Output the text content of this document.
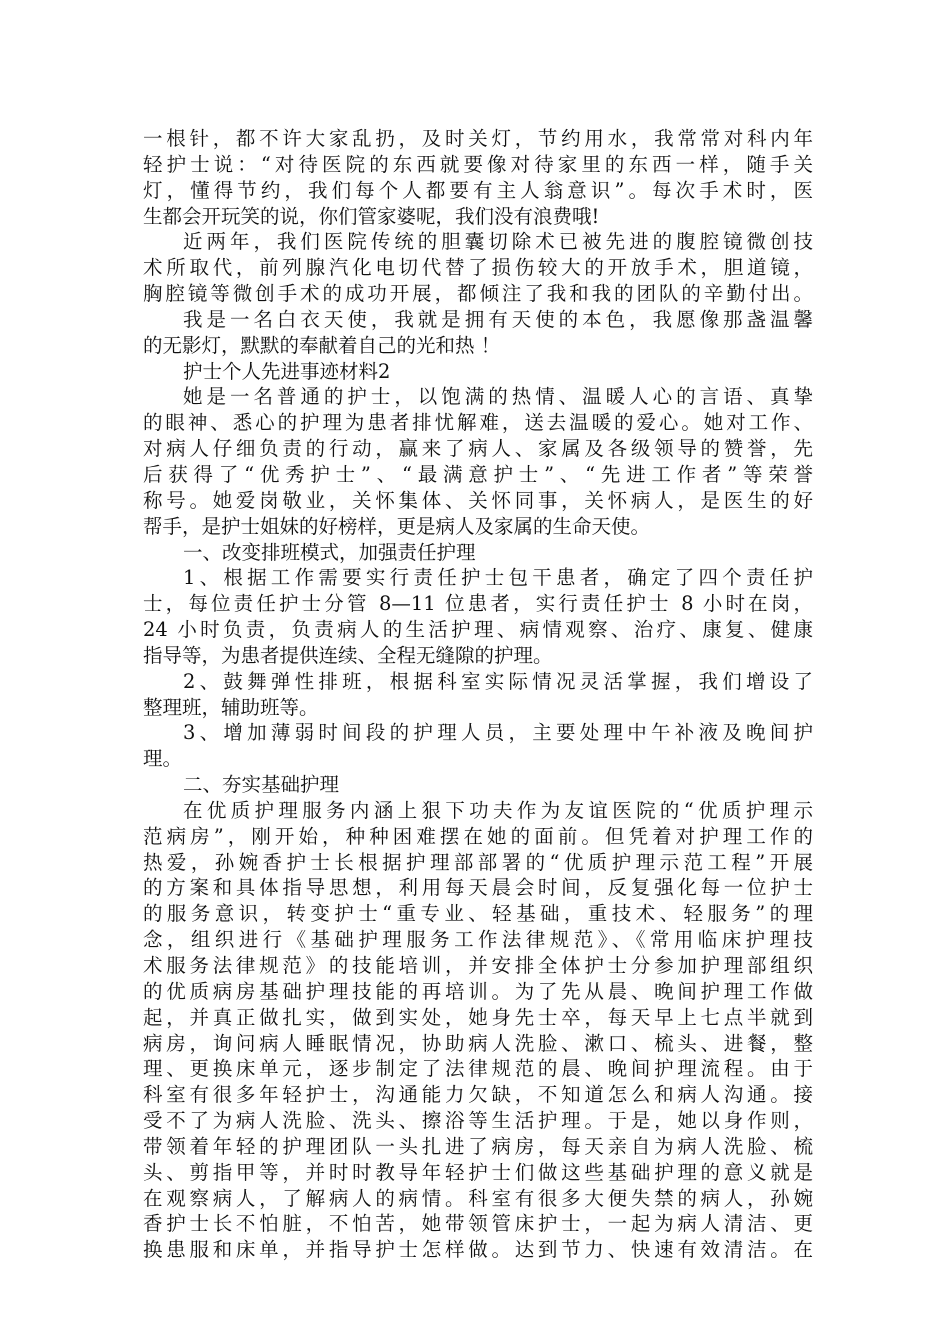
一根针，都不许大家乱扔，及时关灯，节约用水，我常常对科内年
轻护士说：“对待医院的东西就要像对待家里的东西一样，随手关
灯，懂得节约，我们每个人都要有主人翁意识”。每次手术时，医
生都会开玩笑的说，你们管家婆呢，我们没有浪费哦!
近两年，我们医院传统的胆囊切除术已被先进的腹腔镜微创技
术所取代，前列腺汽化电切代替了损伤较大的开放手术，胆道镜，
胸腔镜等微创手术的成功开展，都倾注了我和我的团队的辛勤付出。
我是一名白衣天使，我就是拥有天使的本色，我愿像那盏温馨
的无影灯，默默的奉献着自己的光和热 ！
护士个人先进事迹材料2
她是一名普通的护士，以饱满的热情、温暖人心的言语、真挚
的眼神、悉心的护理为患者排忧解难，送去温暖的爱心。她对工作、
对病人仔细负责的行动，赢来了病人、家属及各级领导的赞誉，先
后获得了“优秀护士”、“最满意护士”、“先进工作者”等荣誉
称号。她爱岗敬业，关怀集体、关怀同事，关怀病人，是医生的好
帮手，是护士姐妹的好榜样，更是病人及家属的生命天使。
一、改变排班模式，加强责任护理
1、根据工作需要实行责任护士包干患者，确定了四个责任护
士，每位责任护士分管 8—11 位患者，实行责任护士 8 小时在岗，
24 小时负责，负责病人的生活护理、病情观察、治疗、康复、健康
指导等，为患者提供连续、全程无缝隙的护理。
2、鼓舞弹性排班，根据科室实际情况灵活掌握，我们增设了
整理班，辅助班等。
3、增加薄弱时间段的护理人员，主要处理中午补液及晚间护
理。
二、夯实基础护理
在优质护理服务内涵上狠下功夫作为友谊医院的“优质护理示
范病房”，刚开始，种种困难摆在她的面前。但凭着对护理工作的
热爱，孙婉香护士长根据护理部部署的“优质护理示范工程”开展
的方案和具体指导思想，利用每天晨会时间，反复强化每一位护士
的服务意识，转变护士“重专业、轻基础，重技术、轻服务”的理
念，组织进行《基础护理服务工作法律规范》、《常用临床护理技
术服务法律规范》的技能培训，并安排全体护士分参加护理部组织
的优质病房基础护理技能的再培训。为了先从晨、晚间护理工作做
起，并真正做扎实，做到实处，她身先士卒，每天早上七点半就到
病房，询问病人睡眠情况，协助病人洗脸、漱口、梳头、进餐，整
理、更换床单元，逐步制定了法律规范的晨、晚间护理流程。由于
科室有很多年轻护士，沟通能力欠缺，不知道怎么和病人沟通。接
受不了为病人洗脸、洗头、擦浴等生活护理。于是，她以身作则，
带领着年轻的护理团队一头扎进了病房，每天亲自为病人洗脸、梳
头、剪指甲等，并时时教导年轻护士们做这些基础护理的意义就是
在观察病人，了解病人的病情。科室有很多大便失禁的病人，孙婉
香护士长不怕脏，不怕苦，她带领管床护士，一起为病人清洁、更
换患服和床单，并指导护士怎样做。达到节力、快速有效清洁。在
